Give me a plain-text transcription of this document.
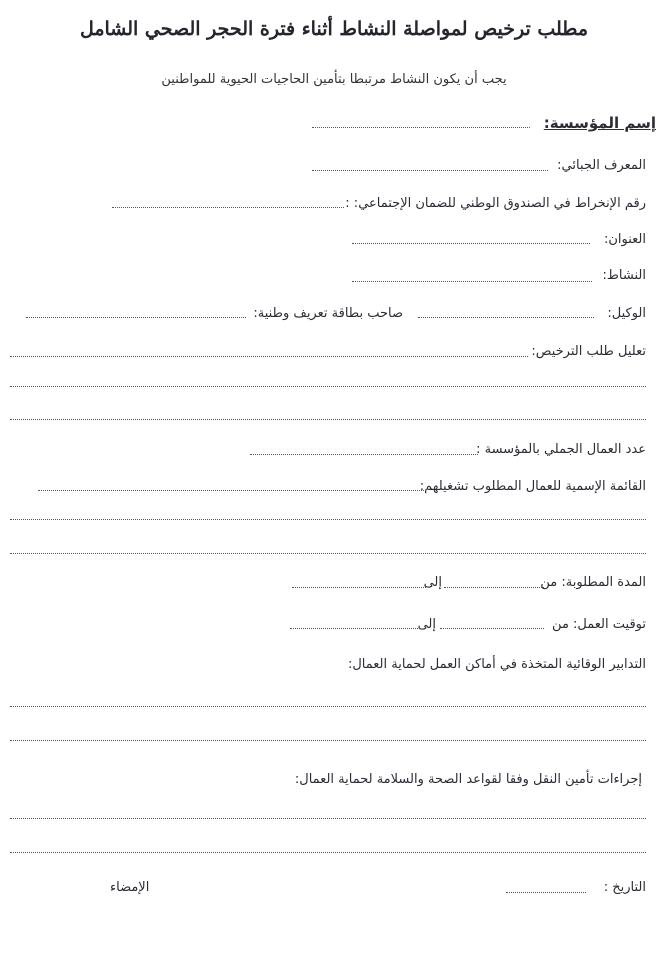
مطلب ترخيص لمواصلة النشاط أثناء فترة الحجر الصحي الشامل
يجب أن يكون النشاط مرتبطا بتأمين الحاجيات الحيوية للمواطنين
إسم المؤسسة:
المعرف الجبائي:
رقم الإنخراط في الصندوق الوطني للضمان الإجتماعي: :
العنوان:
النشاط:
الوكيل:
صاحب بطاقة تعريف وطنية:
تعليل طلب الترخيص:
عدد العمال الجملي بالمؤسسة :
القائمة الإسمية للعمال المطلوب تشغيلهم:
المدة المطلوبة: من
إلى
توقيت العمل: من
إلى
التدابير الوقائية المتخذة في أماكن العمل لحماية العمال:
إجراءات تأمين النقل وفقا لقواعد الصحة والسلامة لحماية العمال:
التاريخ :
الإمضاء
